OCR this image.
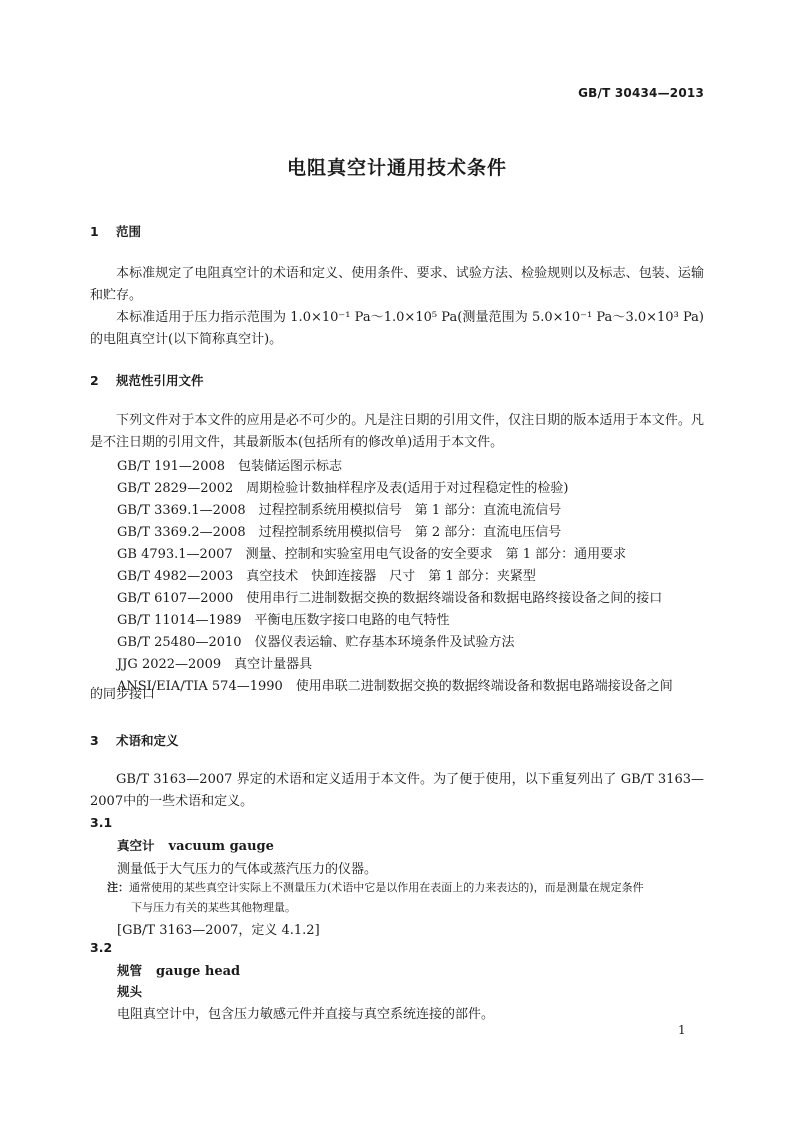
GB/T 30434—2013
电阻真空计通用技术条件
1 范围
本标准规定了电阻真空计的术语和定义、使用条件、要求、试验方法、检验规则以及标志、包装、运输和贮存。
本标准适用于压力指示范围为 1.0×10⁻¹ Pa～1.0×10⁵ Pa(测量范围为 5.0×10⁻¹ Pa～3.0×10³ Pa)的电阻真空计(以下简称真空计)。
2 规范性引用文件
下列文件对于本文件的应用是必不可少的。凡是注日期的引用文件，仅注日期的版本适用于本文件。凡是不注日期的引用文件，其最新版本(包括所有的修改单)适用于本文件。
GB/T 191—2008　包装储运图示标志
GB/T 2829—2002　周期检验计数抽样程序及表(适用于对过程稳定性的检验)
GB/T 3369.1—2008　过程控制系统用模拟信号　第 1 部分：直流电流信号
GB/T 3369.2—2008　过程控制系统用模拟信号　第 2 部分：直流电压信号
GB 4793.1—2007　测量、控制和实验室用电气设备的安全要求　第 1 部分：通用要求
GB/T 4982—2003　真空技术　快卸连接器　尺寸　第 1 部分：夹紧型
GB/T 6107—2000　使用串行二进制数据交换的数据终端设备和数据电路终接设备之间的接口
GB/T 11014—1989　平衡电压数字接口电路的电气特性
GB/T 25480—2010　仪器仪表运输、贮存基本环境条件及试验方法
JJG 2022—2009　真空计量器具
ANSI/EIA/TIA 574—1990　使用串联二进制数据交换的数据终端设备和数据电路端接设备之间
的同步接口
3 术语和定义
GB/T 3163—2007 界定的术语和定义适用于本文件。为了便于使用，以下重复列出了 GB/T 3163—2007中的一些术语和定义。
3.1
真空计 vacuum gauge
测量低于大气压力的气体或蒸汽压力的仪器。
注：通常使用的某些真空计实际上不测量压力(术语中它是以作用在表面上的力来表达的)，而是测量在规定条件
下与压力有关的某些其他物理量。
[GB/T 3163—2007，定义 4.1.2]
3.2
规管 gauge head
规头
电阻真空计中，包含压力敏感元件并直接与真空系统连接的部件。
1
